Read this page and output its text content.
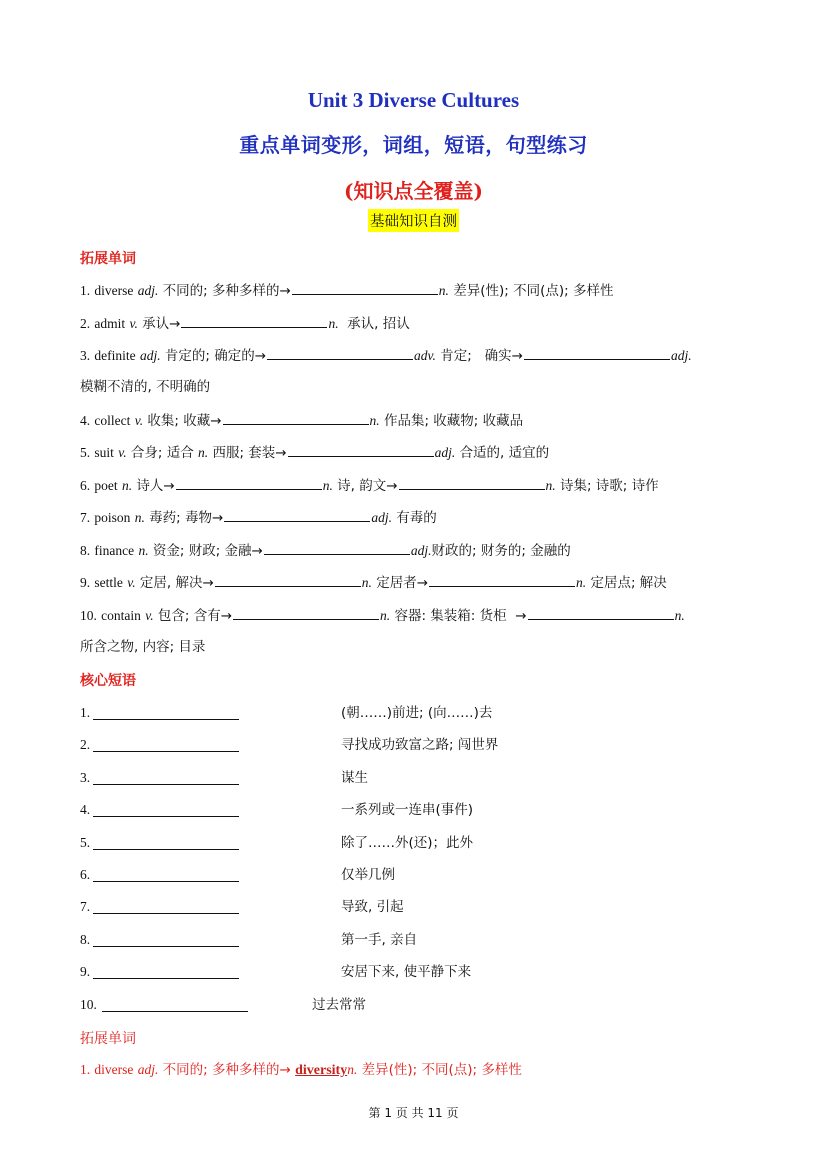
Unit 3 Diverse Cultures
重点单词变形，词组，短语，句型练习
(知识点全覆盖)
基础知识自测
拓展单词
1. diverse adj. 不同的; 多种多样的→	n. 差异(性); 不同(点); 多样性
2. admit v. 承认→	n. 承认, 招认
3. definite adj. 肯定的; 确定的→	adv. 肯定; 确实→	adj.
模糊不清的, 不明确的
4. collect v. 收集; 收藏→	n. 作品集; 收藏物; 收藏品
5. suit v. 合身; 适合 n. 西服; 套装→	adj. 合适的, 适宜的
6. poet n. 诗人→	n. 诗, 韵文→	n. 诗集; 诗歌; 诗作
7. poison n. 毒药; 毒物→	adj. 有毒的
8. finance n. 资金; 财政; 金融→	adj.财政的; 财务的; 金融的
9. settle v. 定居, 解决→	n. 定居者→	n. 定居点; 解决
10. contain v. 包含; 含有→	n. 容器: 集装箱: 货柜 →	n.
所含之物, 内容; 目录
核心短语
1.	(朝……)前进; (向……)去
2.	寻找成功致富之路; 闯世界
3.	谋生
4.	一系列或一连串(事件)
5.	除了……外(还)；此外
6.	仅举几例
7.	导致, 引起
8.	第一手, 亲自
9.	安居下来, 使平静下来
10.	过去常常
拓展单词
1. diverse adj. 不同的; 多种多样的→ diversityn. 差异(性); 不同(点); 多样性
第 1 页 共 11 页
